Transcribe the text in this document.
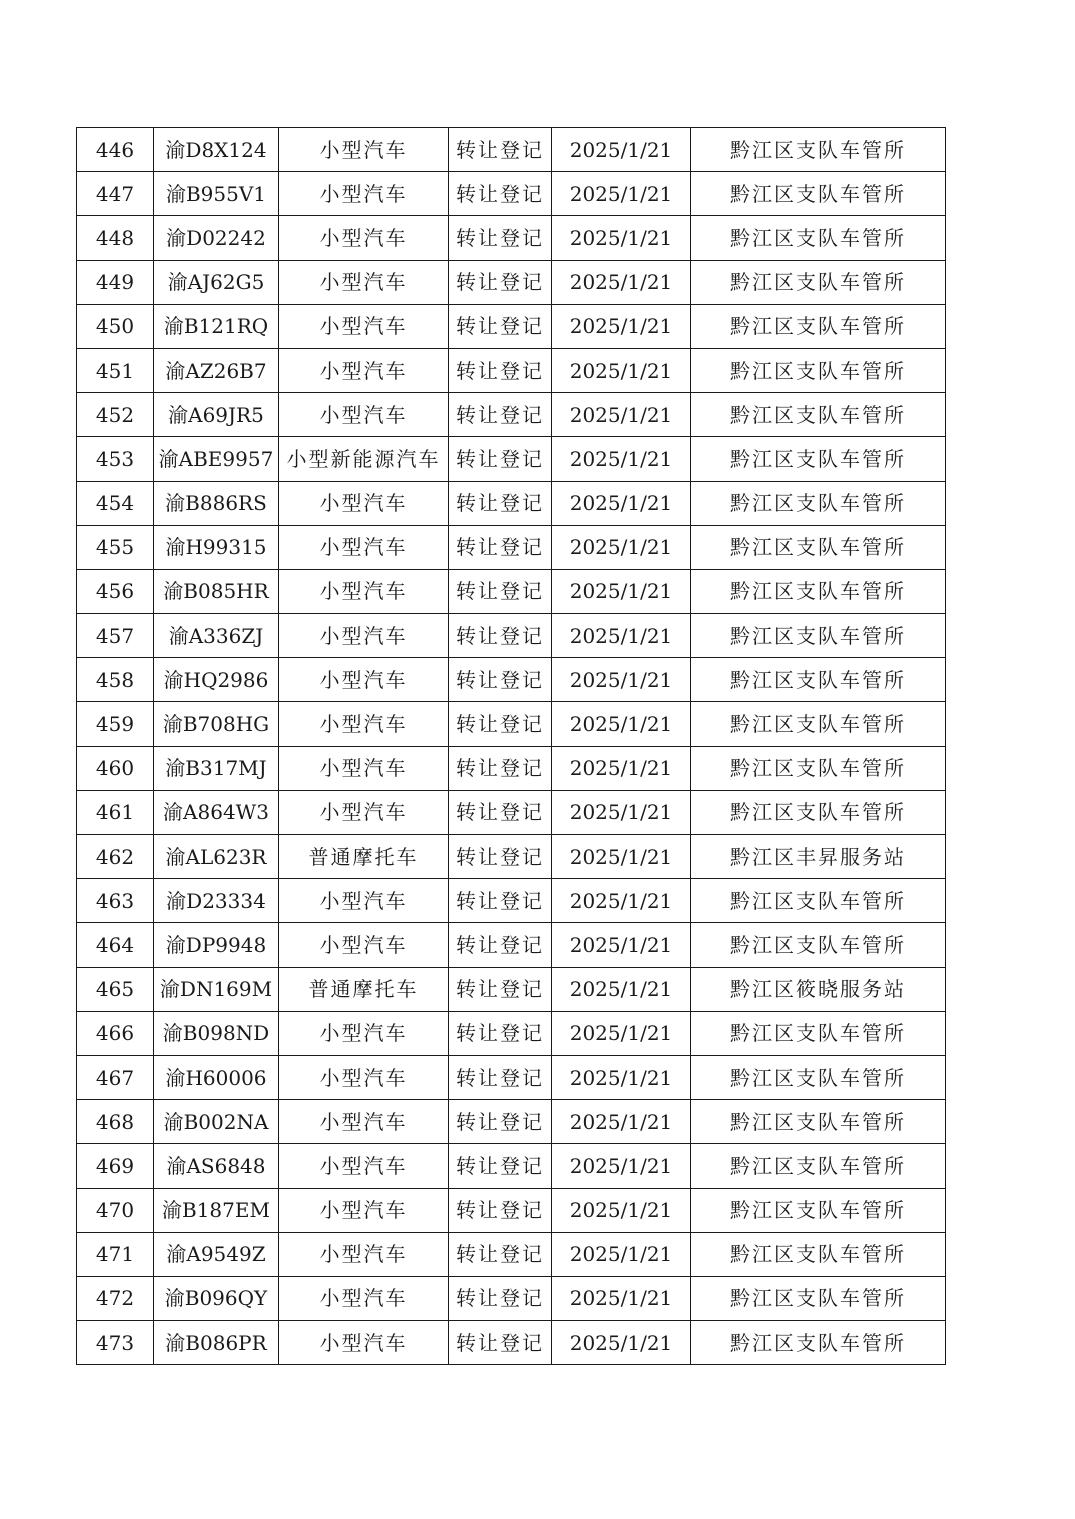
446	渝D8X124	小型汽车	转让登记	2025/1/21	黔江区支队车管所
447	渝B955V1	小型汽车	转让登记	2025/1/21	黔江区支队车管所
448	渝D02242	小型汽车	转让登记	2025/1/21	黔江区支队车管所
449	渝AJ62G5	小型汽车	转让登记	2025/1/21	黔江区支队车管所
450	渝B121RQ	小型汽车	转让登记	2025/1/21	黔江区支队车管所
451	渝AZ26B7	小型汽车	转让登记	2025/1/21	黔江区支队车管所
452	渝A69JR5	小型汽车	转让登记	2025/1/21	黔江区支队车管所
453	渝ABE9957	小型新能源汽车	转让登记	2025/1/21	黔江区支队车管所
454	渝B886RS	小型汽车	转让登记	2025/1/21	黔江区支队车管所
455	渝H99315	小型汽车	转让登记	2025/1/21	黔江区支队车管所
456	渝B085HR	小型汽车	转让登记	2025/1/21	黔江区支队车管所
457	渝A336ZJ	小型汽车	转让登记	2025/1/21	黔江区支队车管所
458	渝HQ2986	小型汽车	转让登记	2025/1/21	黔江区支队车管所
459	渝B708HG	小型汽车	转让登记	2025/1/21	黔江区支队车管所
460	渝B317MJ	小型汽车	转让登记	2025/1/21	黔江区支队车管所
461	渝A864W3	小型汽车	转让登记	2025/1/21	黔江区支队车管所
462	渝AL623R	普通摩托车	转让登记	2025/1/21	黔江区丰昇服务站
463	渝D23334	小型汽车	转让登记	2025/1/21	黔江区支队车管所
464	渝DP9948	小型汽车	转让登记	2025/1/21	黔江区支队车管所
465	渝DN169M	普通摩托车	转让登记	2025/1/21	黔江区筱晓服务站
466	渝B098ND	小型汽车	转让登记	2025/1/21	黔江区支队车管所
467	渝H60006	小型汽车	转让登记	2025/1/21	黔江区支队车管所
468	渝B002NA	小型汽车	转让登记	2025/1/21	黔江区支队车管所
469	渝AS6848	小型汽车	转让登记	2025/1/21	黔江区支队车管所
470	渝B187EM	小型汽车	转让登记	2025/1/21	黔江区支队车管所
471	渝A9549Z	小型汽车	转让登记	2025/1/21	黔江区支队车管所
472	渝B096QY	小型汽车	转让登记	2025/1/21	黔江区支队车管所
473	渝B086PR	小型汽车	转让登记	2025/1/21	黔江区支队车管所
